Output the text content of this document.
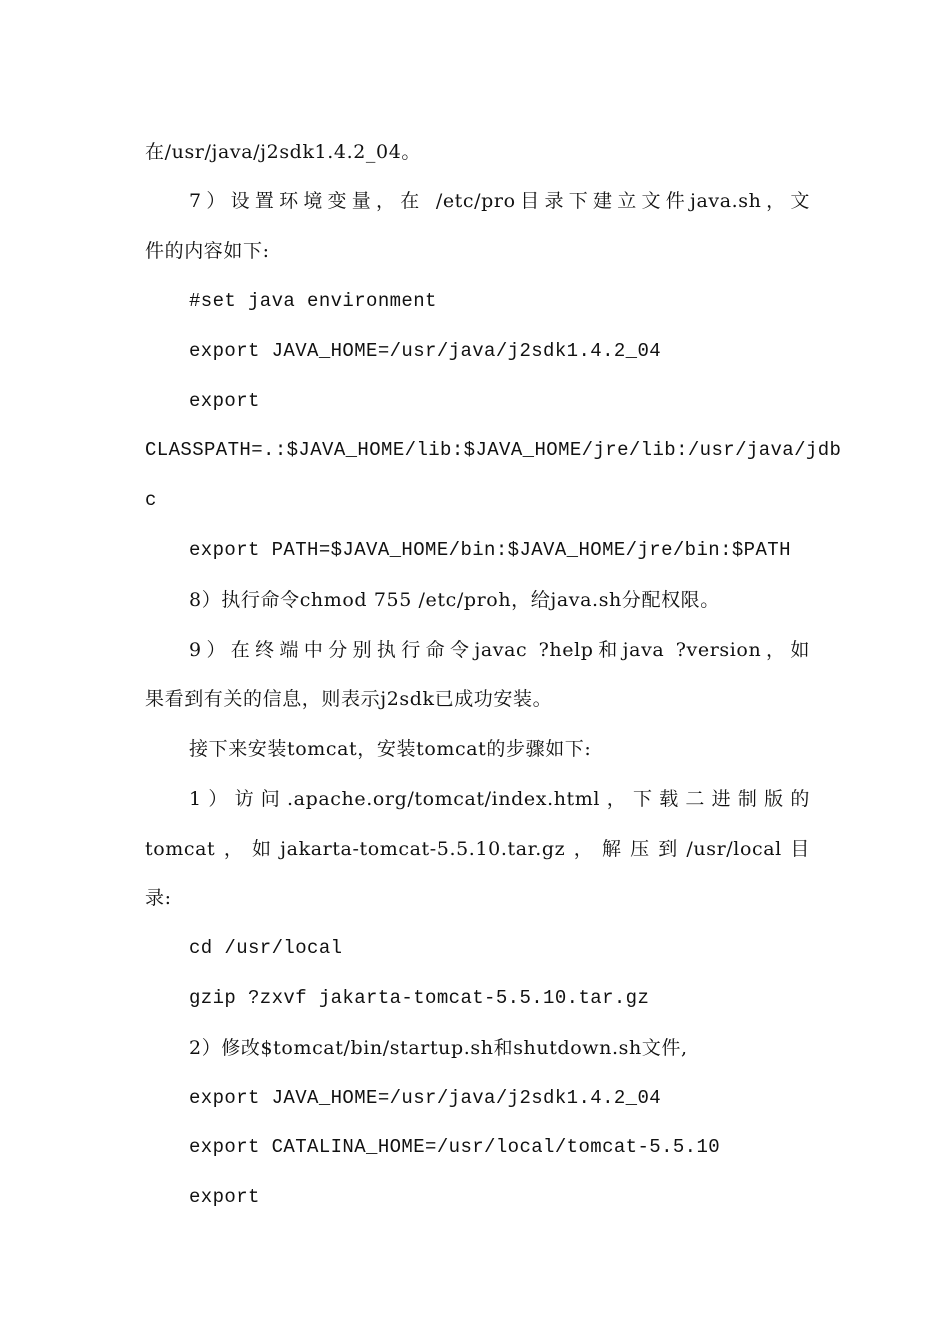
在/usr/java/j2sdk1.4.2_04。
7）设置环境变量，在 /etc/pro目录下建立文件java.sh，文
件的内容如下:
#set java environment
export JAVA_HOME=/usr/java/j2sdk1.4.2_04
export
CLASSPATH=.:$JAVA_HOME/lib:$JAVA_HOME/jre/lib:/usr/java/jdb
c
export PATH=$JAVA_HOME/bin:$JAVA_HOME/jre/bin:$PATH
8）执行命令chmod 755 /etc/proh，给java.sh分配权限。
9）在终端中分别执行命令javac ?help和java ?version，如
果看到有关的信息，则表示j2sdk已成功安装。
接下来安装tomcat，安装tomcat的步骤如下:
1）访问.apache.org/tomcat/index.html，下载二进制版的
tomcat，如jakarta-tomcat-5.5.10.tar.gz，解压到/usr/local目
录:
cd /usr/local
gzip ?zxvf jakarta-tomcat-5.5.10.tar.gz
2）修改$tomcat/bin/startup.sh和shutdown.sh文件,
export JAVA_HOME=/usr/java/j2sdk1.4.2_04
export CATALINA_HOME=/usr/local/tomcat-5.5.10
export
